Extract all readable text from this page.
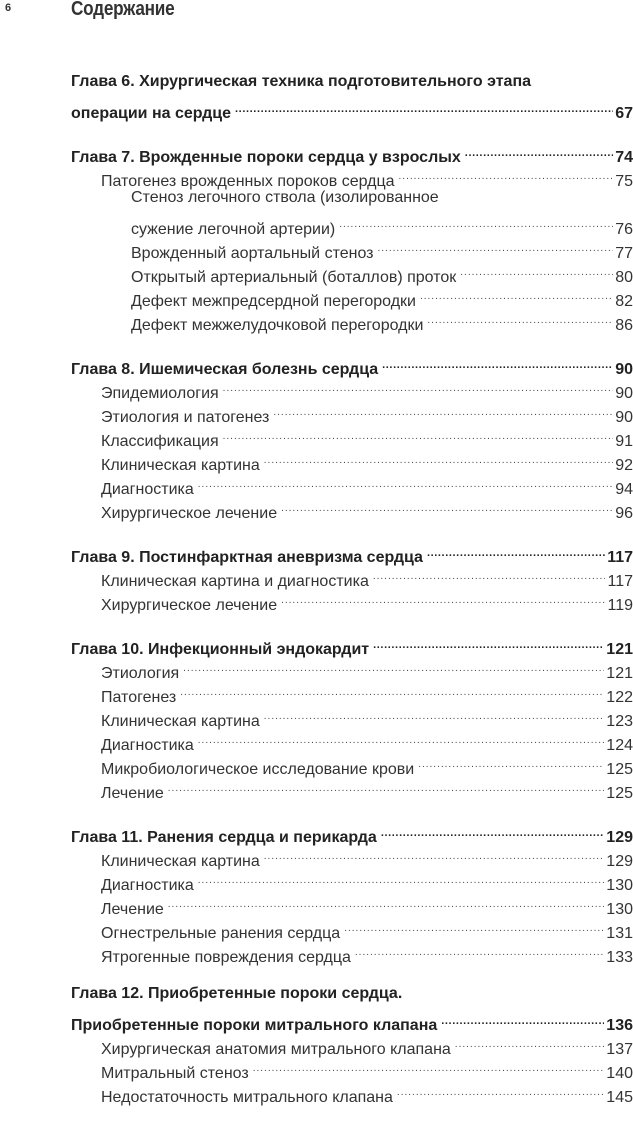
6	Содержание
Глава 6. Хирургическая техника подготовительного этапа
операции на сердце .....	67
Глава 7. Врожденные пороки сердца у взрослых .....	74
Патогенез врожденных пороков сердца .....	75
Стеноз легочного ствола (изолированное
сужение легочной артерии) .....	76
Врожденный аортальный стеноз .....	77
Открытый артериальный (боталлов) проток .....	80
Дефект межпредсердной перегородки .....	82
Дефект межжелудочковой перегородки .....	86
Глава 8. Ишемическая болезнь сердца .....	90
Эпидемиология .....	90
Этиология и патогенез .....	90
Классификация .....	91
Клиническая картина .....	92
Диагностика .....	94
Хирургическое лечение .....	96
Глава 9. Постинфарктная аневризма сердца .....	117
Клиническая картина и диагностика .....	117
Хирургическое лечение .....	119
Глава 10. Инфекционный эндокардит .....	121
Этиология .....	121
Патогенез .....	122
Клиническая картина .....	123
Диагностика .....	124
Микробиологическое исследование крови .....	125
Лечение .....	125
Глава 11. Ранения сердца и перикарда .....	129
Клиническая картина .....	129
Диагностика .....	130
Лечение .....	130
Огнестрельные ранения сердца .....	131
Ятрогенные повреждения сердца .....	133
Глава 12. Приобретенные пороки сердца.
Приобретенные пороки митрального клапана .....	136
Хирургическая анатомия митрального клапана .....	137
Митральный стеноз .....	140
Недостаточность митрального клапана .....	145
